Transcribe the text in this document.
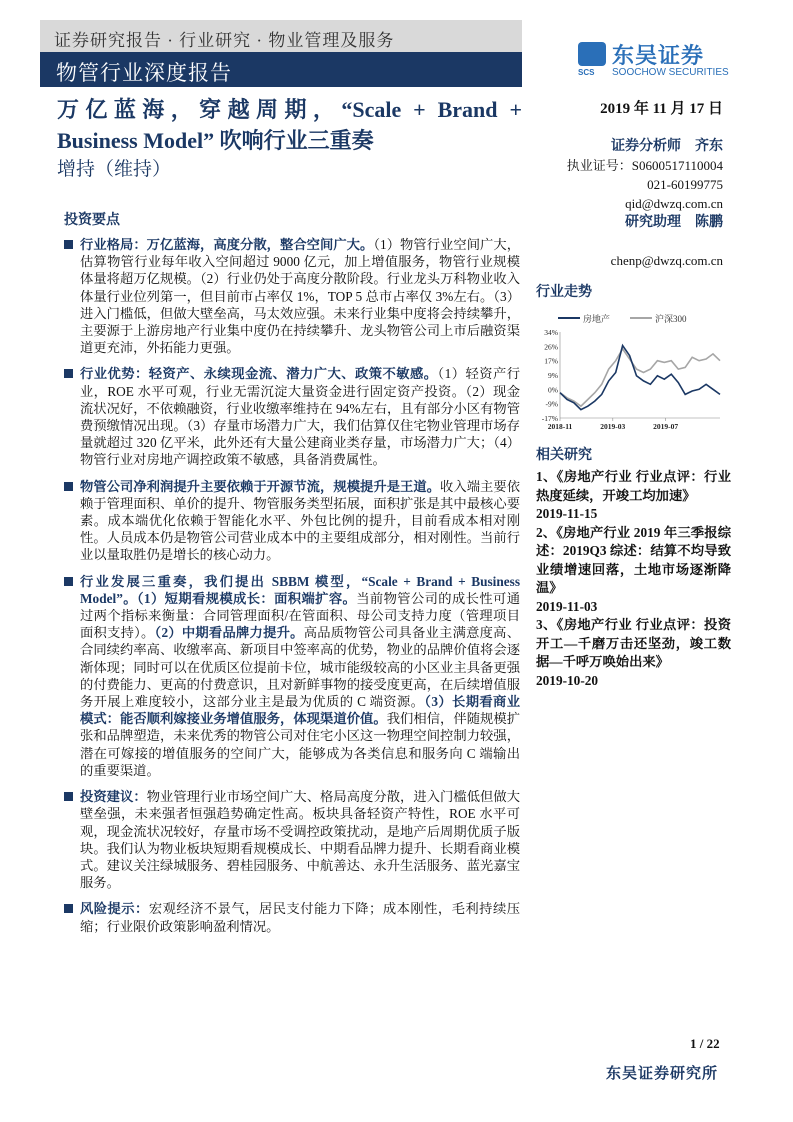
证券研究报告 · 行业研究 · 物业管理及服务
物管行业深度报告	SCS
东吴证券
SOOCHOW SECURITIES
万亿蓝海，穿越周期，“Scale + Brand + Business Model” 吹响行业三重奏
增持（维持）
2019 年 11 月 17 日
证券分析师　齐东
执业证号：S0600517110004
021-60199775
qid@dwzq.com.cn
研究助理　陈鹏
chenp@dwzq.com.cn
投资要点
行业格局：万亿蓝海，高度分散，整合空间广大。（1）物管行业空间广大，估算物管行业每年收入空间超过 9000 亿元，加上增值服务，物管行业规模体量将超万亿规模。（2）行业仍处于高度分散阶段。行业龙头万科物业收入体量行业位列第一，但目前市占率仅 1%，TOP 5 总市占率仅 3%左右。（3）进入门槛低，但做大壁垒高，马太效应强。未来行业集中度将会持续攀升，主要源于上游房地产行业集中度仍在持续攀升、龙头物管公司上市后融资渠道更充沛，外拓能力更强。
行业优势：轻资产、永续现金流、潜力广大、政策不敏感。（1）轻资产行业，ROE 水平可观，行业无需沉淀大量资金进行固定资产投资。（2）现金流状况好，不依赖融资，行业收缴率维持在 94%左右，且有部分小区有物管费预缴情况出现。（3）存量市场潜力广大，我们估算仅住宅物业管理市场存量就超过 320 亿平米，此外还有大量公建商业类存量，市场潜力广大；（4）物管行业对房地产调控政策不敏感，具备消费属性。
物管公司净利润提升主要依赖于开源节流，规模提升是王道。收入端主要依赖于管理面积、单价的提升、物管服务类型拓展，面积扩张是其中最核心要素。成本端优化依赖于智能化水平、外包比例的提升，目前看成本相对刚性。人员成本仍是物管公司营业成本中的主要组成部分，相对刚性。当前行业以量取胜仍是增长的核心动力。
行业发展三重奏，我们提出 SBBM 模型，“Scale + Brand + Business Model”。（1）短期看规模成长：面积端扩容。当前物管公司的成长性可通过两个指标来衡量：合同管理面积/在管面积、母公司支持力度（管理项目面积支持）。（2）中期看品牌力提升。高品质物管公司具备业主满意度高、合同续约率高、收缴率高、新项目中签率高的优势，物业的品牌价值将会逐渐体现；同时可以在优质区位提前卡位，城市能级较高的小区业主具备更强的付费能力、更高的付费意识，且对新鲜事物的接受度更高，在后续增值服务开展上难度较小，这部分业主是最为优质的 C 端资源。（3）长期看商业模式：能否顺利嫁接业务增值服务，体现渠道价值。我们相信，伴随规模扩张和品牌塑造，未来优秀的物管公司对住宅小区这一物理空间控制力较强，潜在可嫁接的增值服务的空间广大，能够成为各类信息和服务向 C 端输出的重要渠道。
投资建议：物业管理行业市场空间广大、格局高度分散，进入门槛低但做大壁垒强，未来强者恒强趋势确定性高。板块具备轻资产特性，ROE 水平可观，现金流状况较好，存量市场不受调控政策扰动，是地产后周期优质子版块。我们认为物业板块短期看规模成长、中期看品牌力提升、长期看商业模式。建议关注绿城服务、碧桂园服务、中航善达、永升生活服务、蓝光嘉宝服务。
风险提示：宏观经济不景气，居民支付能力下降；成本刚性，毛利持续压缩；行业限价政策影响盈利情况。
行业走势
房地产	沪深300
34%
26%
17%
9%
0%
-9%
-17%
2018-11	2019-03	2019-07
相关研究
1、《房地产行业 行业点评：行业热度延续，开竣工均加速》
2019-11-15
2、《房地产行业 2019 年三季报综述：2019Q3 综述：结算不均导致业绩增速回落，土地市场逐渐降温》
2019-11-03
3、《房地产行业 行业点评：投资开工—千磨万击还坚劲，竣工数据—千呼万唤始出来》
2019-10-20
1 / 22
东吴证券研究所
